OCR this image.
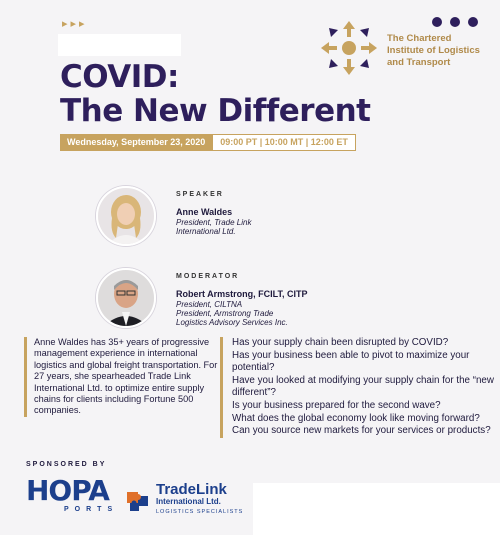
▸▸▸
The Chartered
Institute of Logistics
and Transport
COVID:
The New Different
Wednesday, September 23, 2020	09:00 PT | 10:00 MT | 12:00 ET
SPEAKER
Anne Waldes
President, Trade Link
International Ltd.
MODERATOR
Robert Armstrong, FCILT, CITP
President, CILTNA
President, Armstrong Trade
Logistics Advisory Services Inc.
Anne Waldes has 35+ years of progressive management experience in international logistics and global freight transportation. For 27 years, she spearheaded Trade Link International Ltd. to optimize entire supply chains for clients including Fortune 500 companies.

Has your supply chain been disrupted by COVID?

Has your business been able to pivot to maximize your potential?

Have you looked at modifying your supply chain for the “new different”?

Is your business prepared for the second wave?

What does the global economy look like moving forward?

Can you source new markets for your services or products?

SPONSORED BY
HOPA
PORTS
TradeLink
International Ltd.
LOGISTICS SPECIALISTS
